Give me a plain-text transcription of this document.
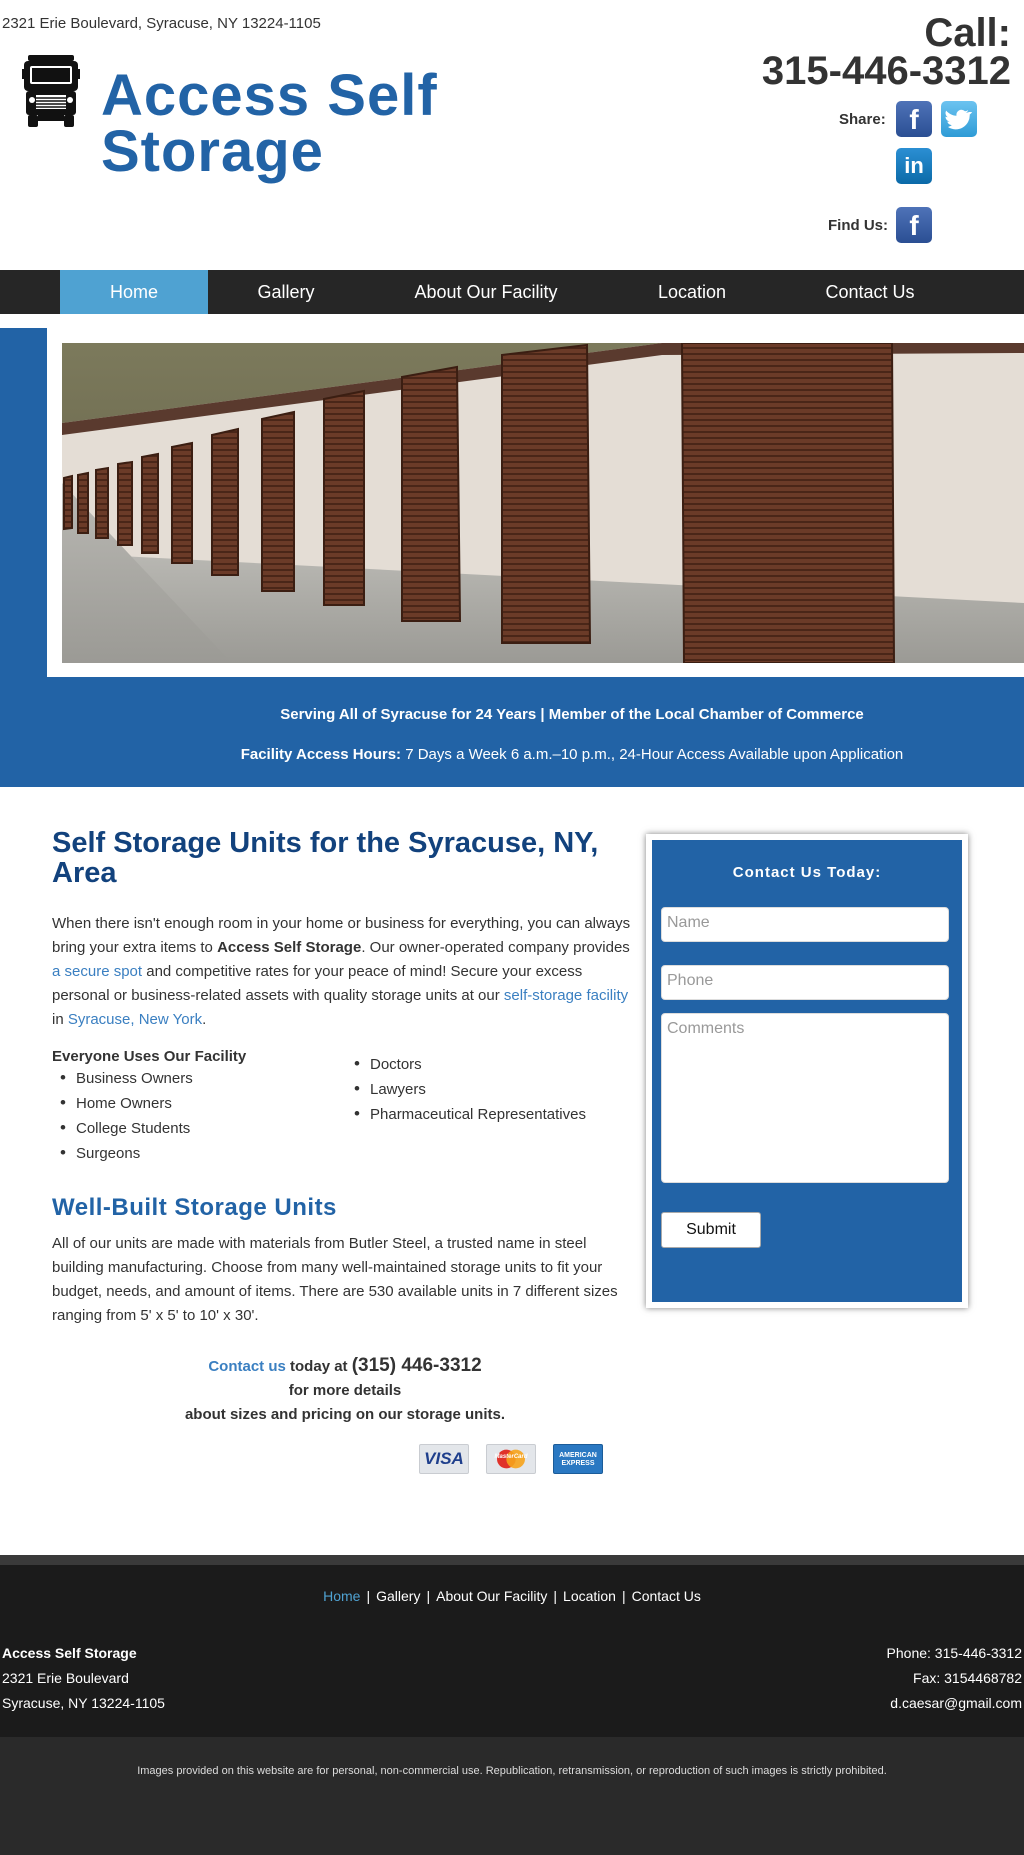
2321 Erie Boulevard, Syracuse, NY 13224-1105
Access Self
Storage
Call:
315-446-3312
Share: f
in
Find Us: f
Home	Gallery	About Our Facility	Location	Contact Us
Serving All of Syracuse for 24 Years | Member of the Local Chamber of Commerce
Facility Access Hours: 7 Days a Week 6 a.m.–10 p.m., 24-Hour Access Available upon Application
Self Storage Units for the Syracuse, NY, Area

When there isn't enough room in your home or business for everything, you can always bring your extra items to Access Self Storage. Our owner-operated company provides a secure spot and competitive rates for your peace of mind! Secure your excess personal or business-related assets with quality storage units at our self-storage facility in Syracuse, New York.

Everyone Uses Our Facility
• Business Owners
• Home Owners
• College Students
• Surgeons
• Doctors
• Lawyers
• Pharmaceutical Representatives
Well-Built Storage Units

All of our units are made with materials from Butler Steel, a trusted name in steel building manufacturing. Choose from many well-maintained storage units to fit your budget, needs, and amount of items. There are 530 available units in 7 different sizes ranging from 5' x 5' to 10' x 30'.

Contact us today at (315) 446-3312
for more details
about sizes and pricing on our storage units.
VISA	MasterCard	AMERICAN EXPRESS
Contact Us Today:
Name
Phone
Comments
Submit
Home | Gallery | About Our Facility | Location | Contact Us
Access Self Storage
2321 Erie Boulevard
Syracuse, NY 13224-1105
Phone: 315-446-3312
Fax: 3154468782
d.caesar@gmail.com
Images provided on this website are for personal, non-commercial use. Republication, retransmission, or reproduction of such images is strictly prohibited.
